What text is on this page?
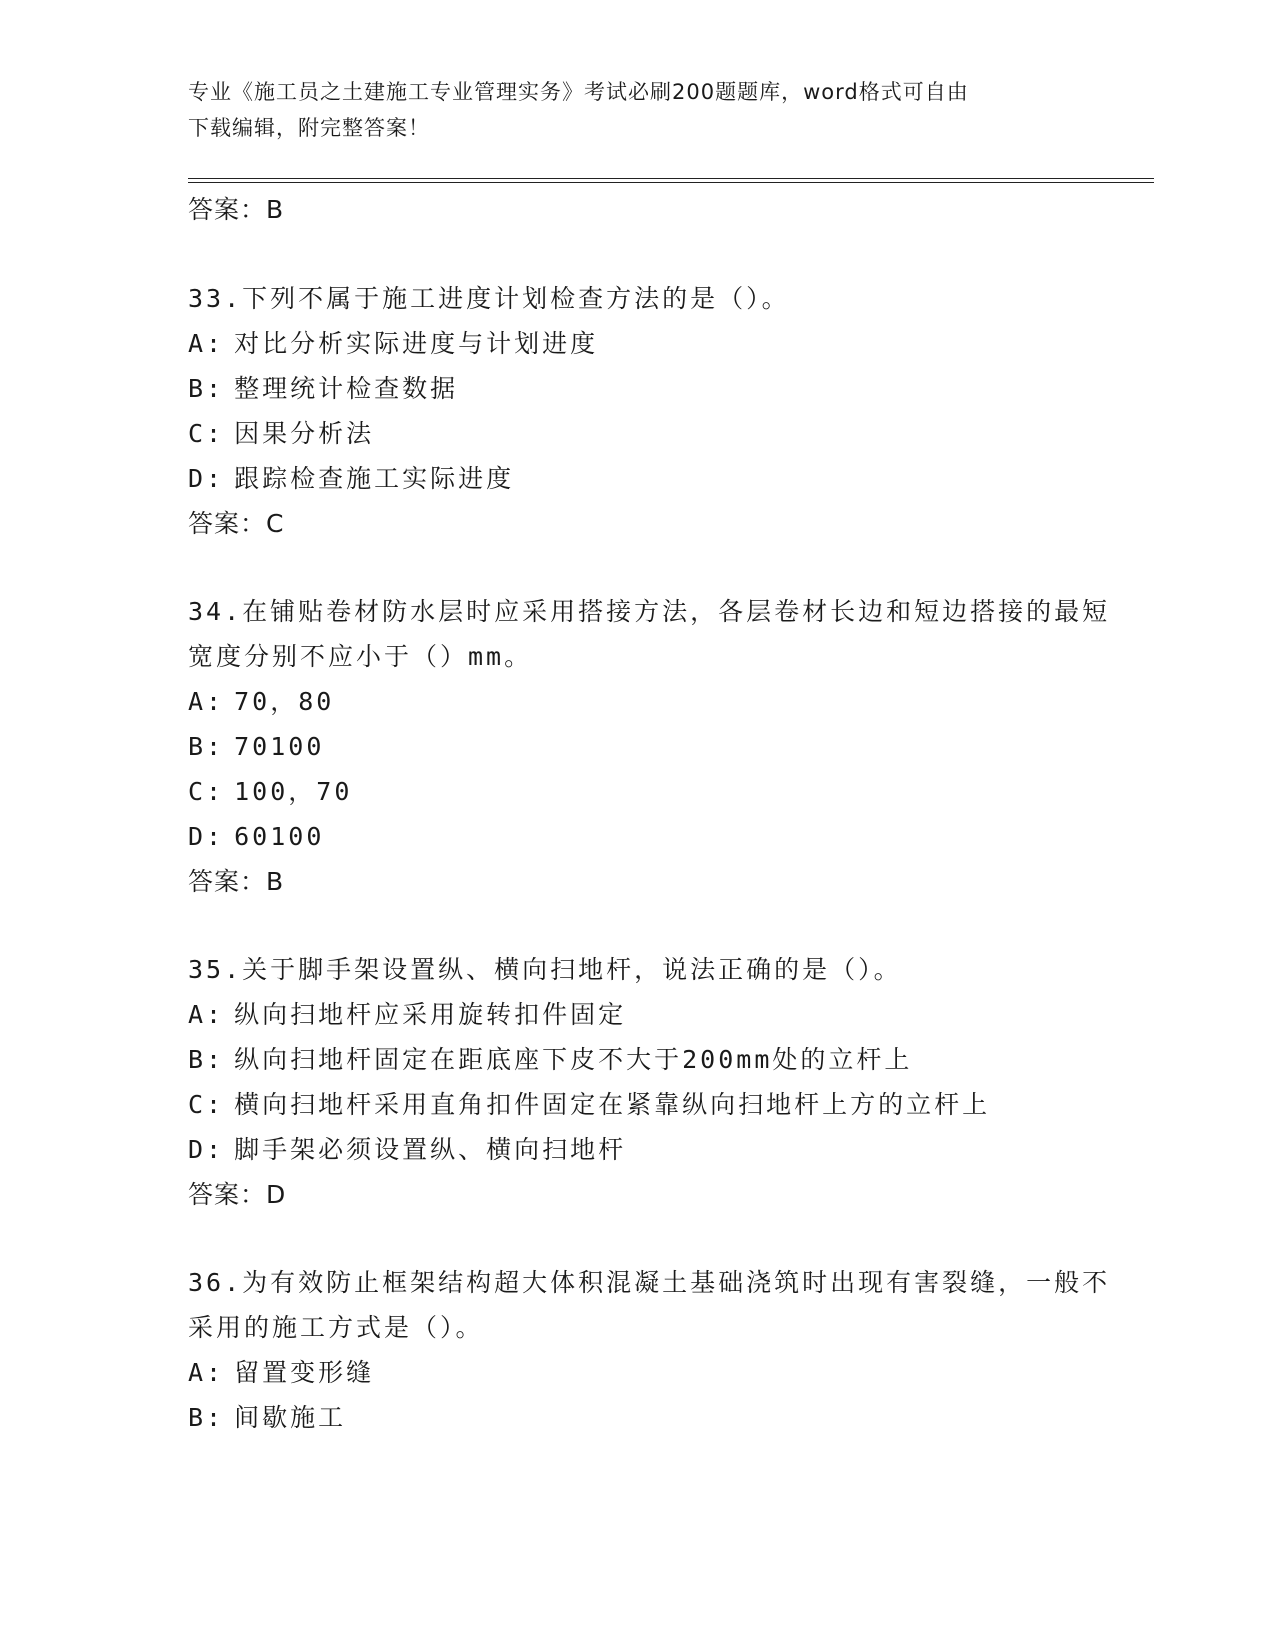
专业《施工员之土建施工专业管理实务》考试必刷200题题库，word格式可自由
下载编辑，附完整答案！
答案：B
33.下列不属于施工进度计划检查方法的是（）。
A: 对比分析实际进度与计划进度
B: 整理统计检查数据
C: 因果分析法
D: 跟踪检查施工实际进度
答案：C
34.在铺贴卷材防水层时应采用搭接方法，各层卷材长边和短边搭接的最短宽度分别不应小于（）mm。
A: 70，80
B: 70100
C: 100，70
D: 60100
答案：B
35.关于脚手架设置纵、横向扫地杆，说法正确的是（）。
A: 纵向扫地杆应采用旋转扣件固定
B: 纵向扫地杆固定在距底座下皮不大于200mm处的立杆上
C: 横向扫地杆采用直角扣件固定在紧靠纵向扫地杆上方的立杆上
D: 脚手架必须设置纵、横向扫地杆
答案：D
36.为有效防止框架结构超大体积混凝土基础浇筑时出现有害裂缝，一般不采用的施工方式是（）。
A: 留置变形缝
B: 间歇施工
